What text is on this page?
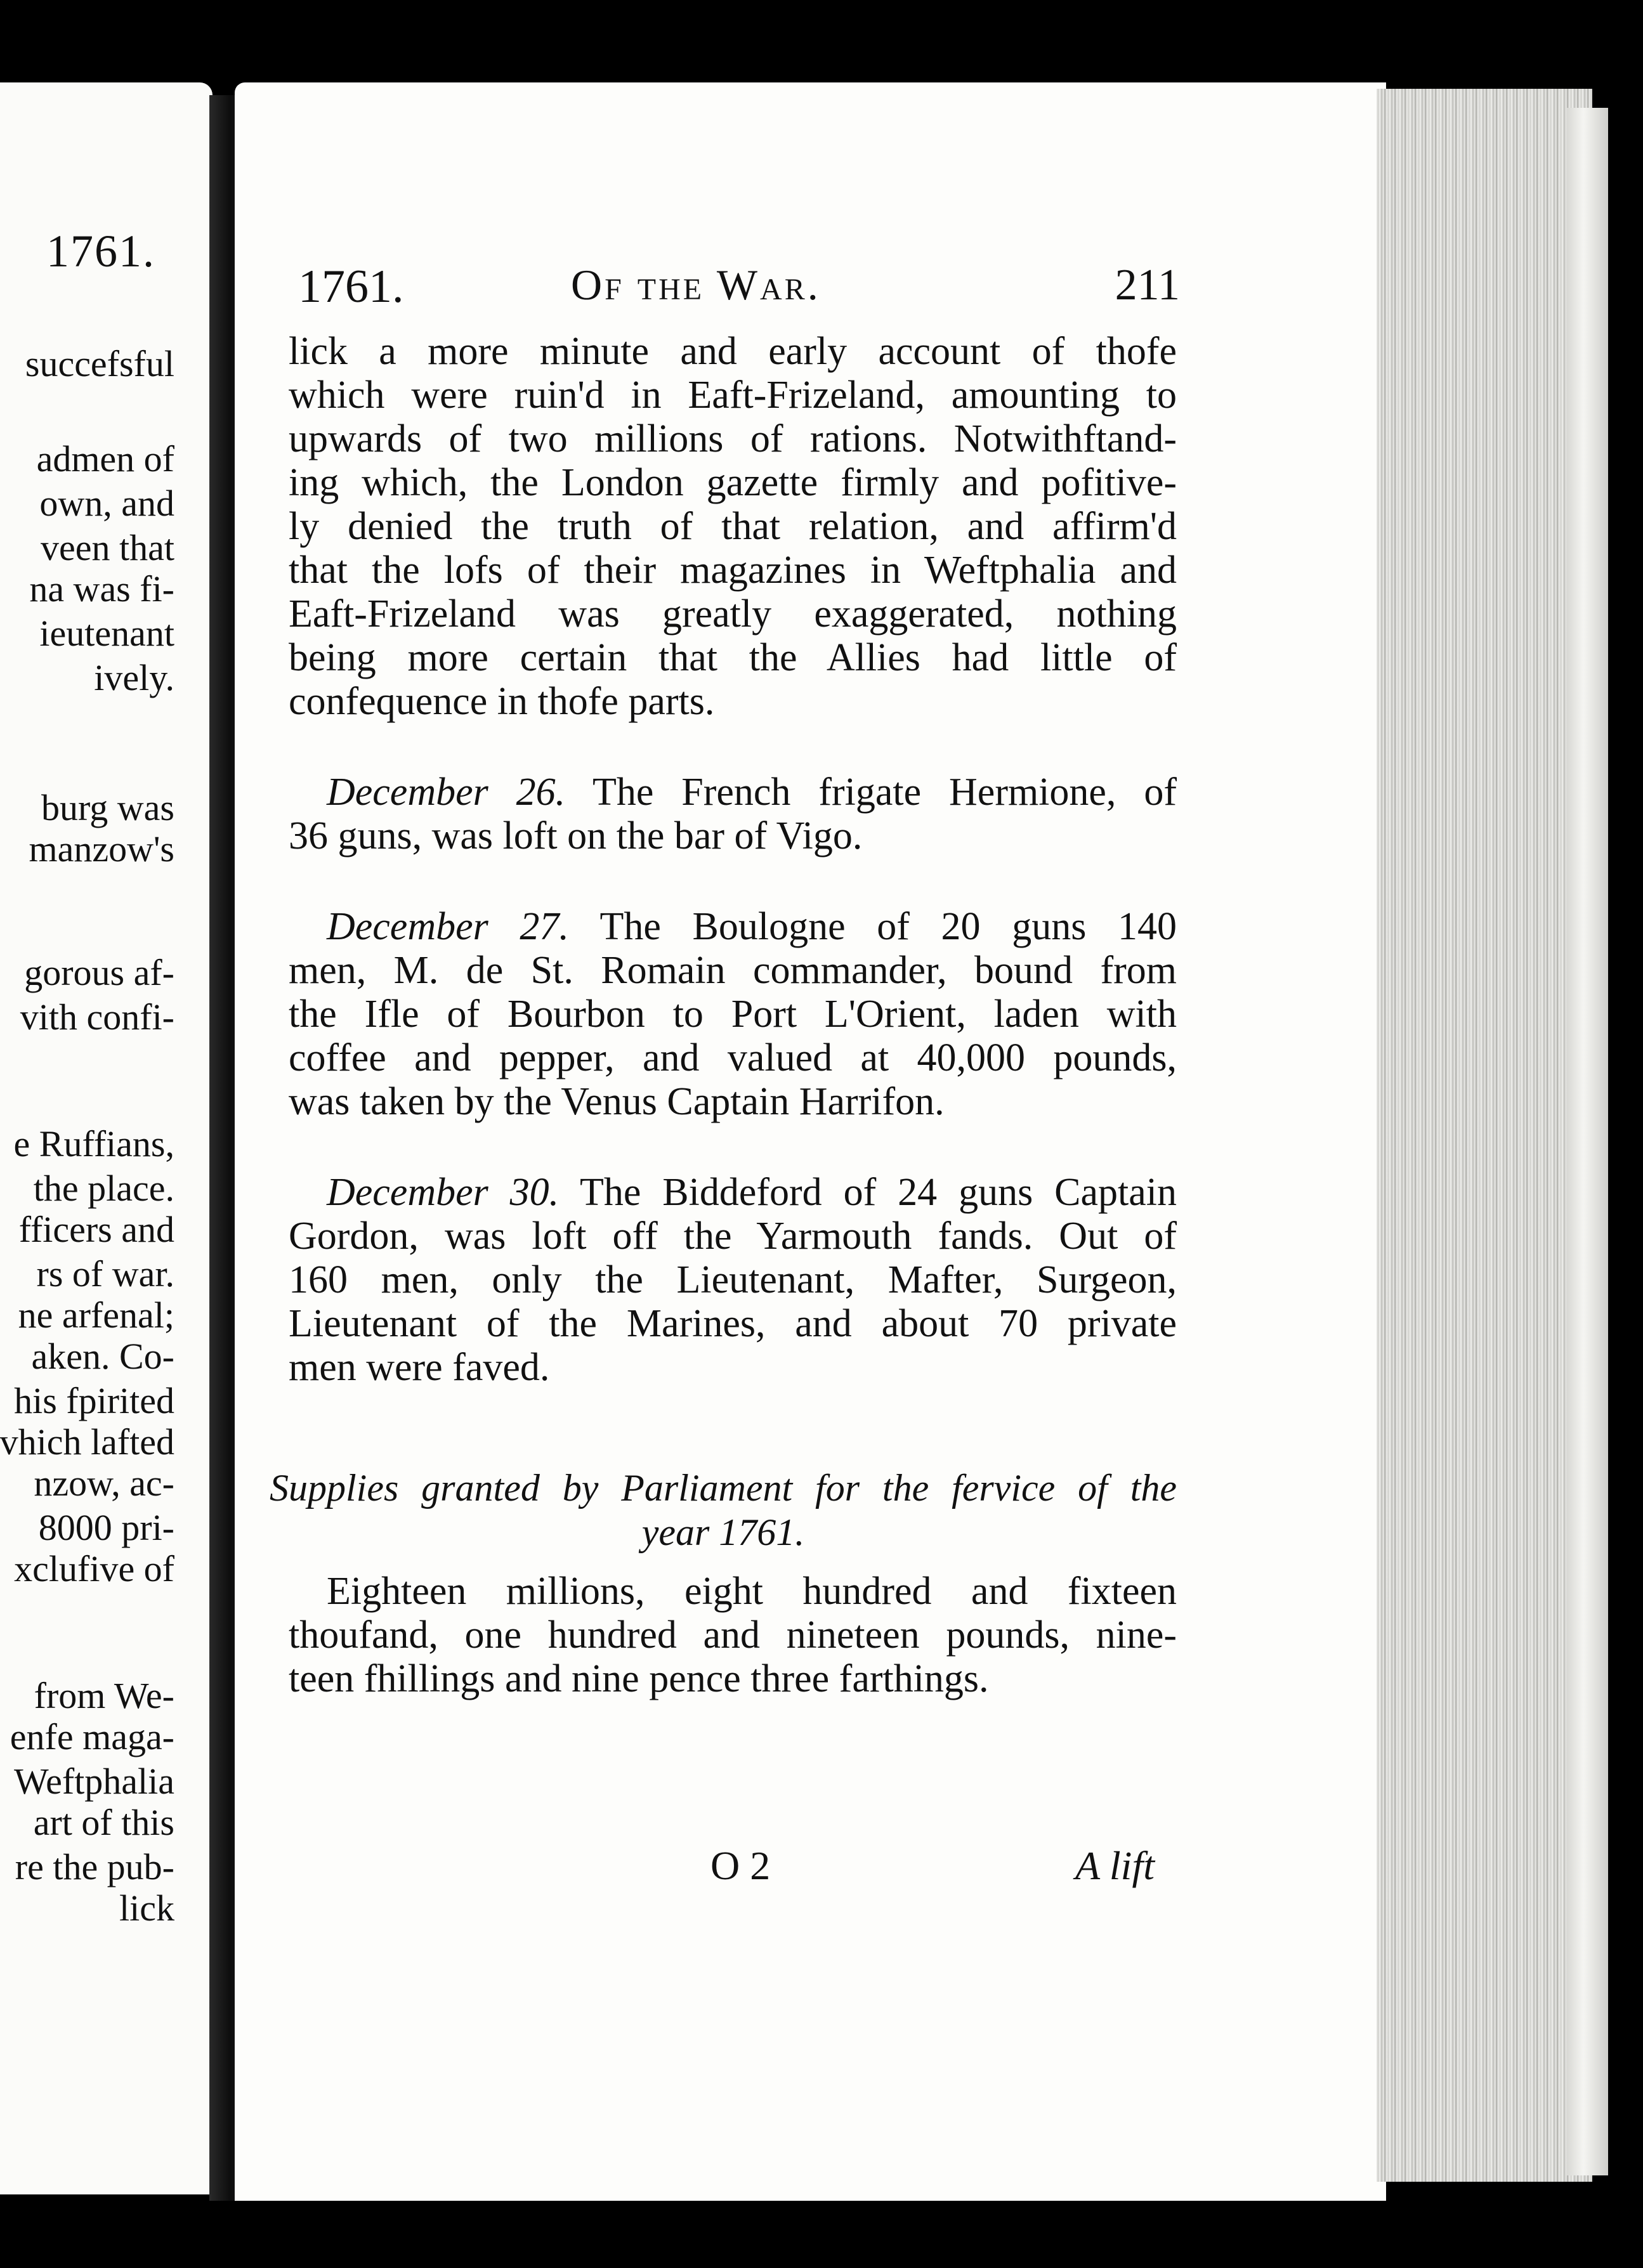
1761.
succefsful
admen of
own, and
veen that
na was fi-
ieutenant
ively.
burg was
manzow's
gorous af-
vith confi-
e Ruffians,
the place.
fficers and
rs of war.
ne arfenal;
aken. Co-
his fpirited
vhich lafted
nzow, ac-
8000 pri-
xclufive of
from We-
enfe maga-
Weftphalia
art of this
re the pub-
lick
1761.	Of the War.	211
lick a more minute and early account of thofe
which were ruin'd in Eaft-Frizeland, amounting to
upwards of two millions of rations. Notwithftand-
ing which, the London gazette firmly and pofitive-
ly denied the truth of that relation, and affirm'd
that the lofs of their magazines in Weftphalia and
Eaft-Frizeland was greatly exaggerated, nothing
being more certain that the Allies had little of
confequence in thofe parts.
December 26. The French frigate Hermione, of
36 guns, was loft on the bar of Vigo.
December 27. The Boulogne of 20 guns 140
men, M. de St. Romain commander, bound from
the Ifle of Bourbon to Port L'Orient, laden with
coffee and pepper, and valued at 40,000 pounds,
was taken by the Venus Captain Harrifon.
December 30. The Biddeford of 24 guns Captain
Gordon, was loft off the Yarmouth fands. Out of
160 men, only the Lieutenant, Mafter, Surgeon,
Lieutenant of the Marines, and about 70 private
men were faved.
Supplies granted by Parliament for the fervice of the
year 1761.
Eighteen millions, eight hundred and fixteen
thoufand, one hundred and nineteen pounds, nine-
teen fhillings and nine pence three farthings.
O 2	A lift
